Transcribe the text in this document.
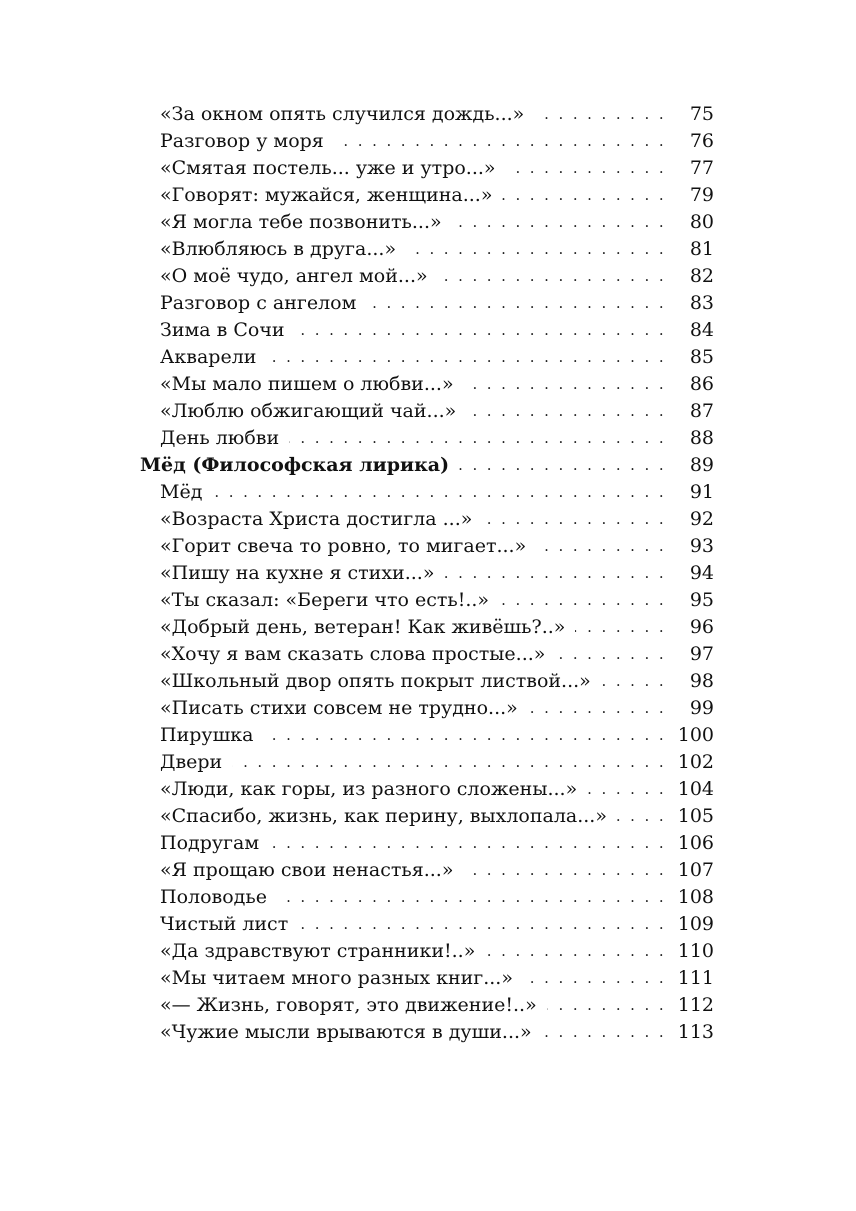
. . .
«За окном опять случился дождь...»	75
. . .
Разговор у моря	76
. . .
«Смятая постель... уже и утро...»	77
. . .
«Говорят: мужайся, женщина...»	79
. . .
«Я могла тебе позвонить...»	80
. . .
«Влюбляюсь в друга...»	81
. . .
«О моё чудо, ангел мой...»	82
. . .
Разговор с ангелом	83
. . .
Зима в Сочи	84
. . .
Акварели	85
. . .
«Мы мало пишем о любви...»	86
. . .
«Люблю обжигающий чай...»	87
. . .
День любви	88
. . .
Мёд (Философская лирика)	89
. . .
Мёд	91
. . .
«Возраста Христа достигла ...»	92
. . .
«Горит свеча то ровно, то мигает...»	93
. . .
«Пишу на кухне я стихи...»	94
. . .
«Ты сказал: «Береги что есть!..»	95
. . .
«Добрый день, ветеран! Как живёшь?..»	96
. . .
«Хочу я вам сказать слова простые...»	97
. . .
«Школьный двор опять покрыт листвой...»	98
. . .
«Писать стихи совсем не трудно...»	99
. . .
Пирушка	100
. . .
Двери	102
. . .
«Люди, как горы, из разного сложены...»	104
. . .
«Спасибо, жизнь, как перину, выхлопала...»	105
. . .
Подругам	106
. . .
«Я прощаю свои ненастья...»	107
. . .
Половодье	108
. . .
Чистый лист	109
. . .
«Да здравствуют странники!..»	110
. . .
«Мы читаем много разных книг...»	111
. . .
«— Жизнь, говорят, это движение!..»	112
. . .
«Чужие мысли врываются в души...»	113
